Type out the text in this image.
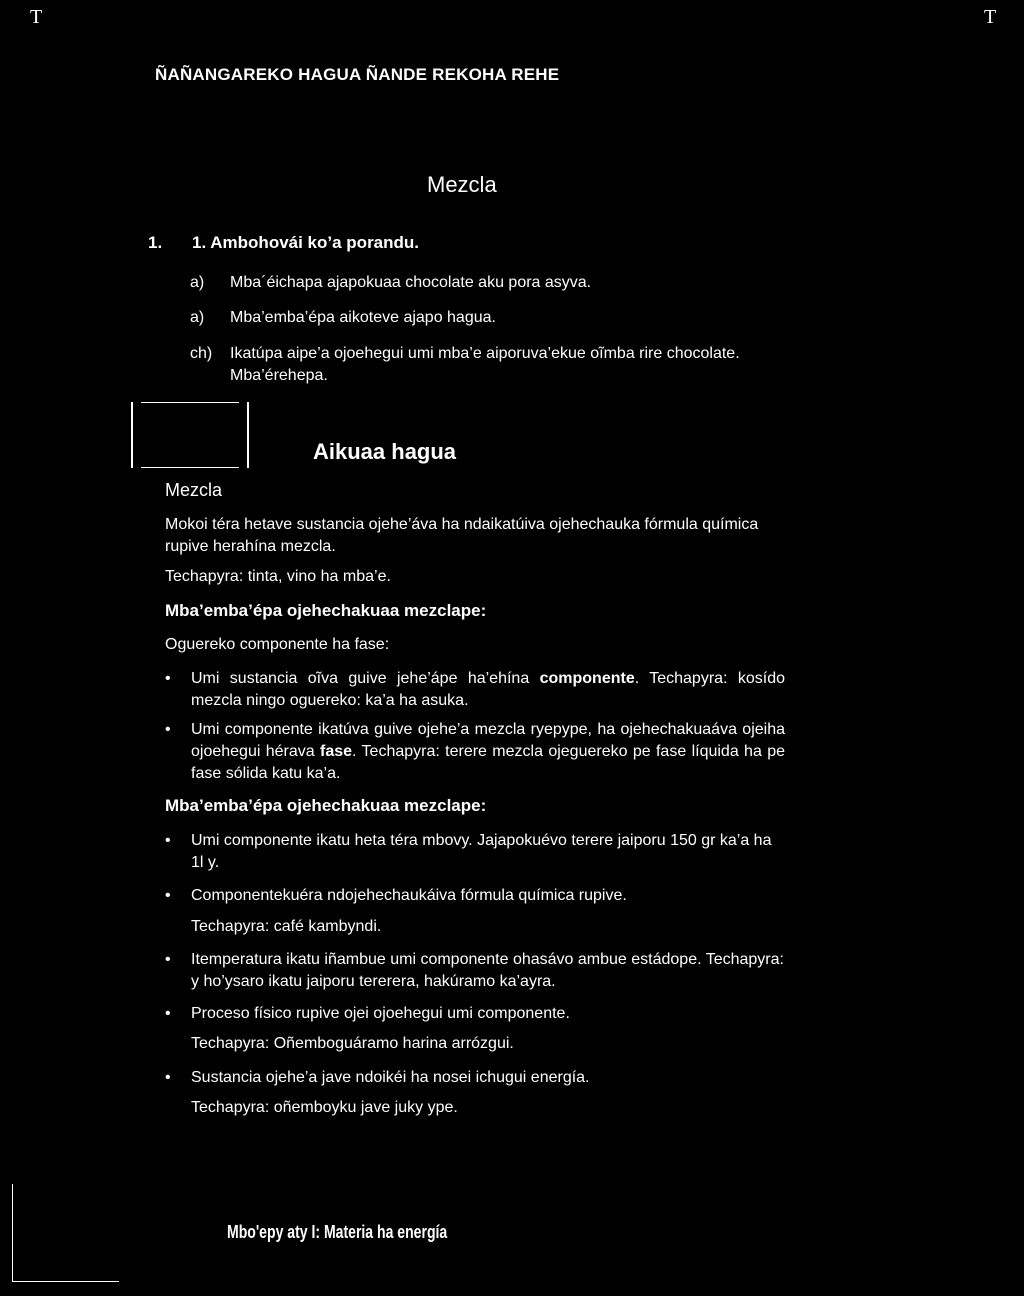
T	T
ÑAÑANGAREKO HAGUA ÑANDE REKOHA REHE
Mezcla
1. 1. Ambohovái ko’a porandu.
a) Mba´éichapa ajapokuaa chocolate aku pora asyva.
a) Mba’emba’épa aikoteve ajapo hagua.
ch) Ikatúpa aipe’a ojoehegui umi mba’e aiporuva’ekue oĩmba rire chocolate. Mba’érehepa.
Aikuaa hagua
Mezcla
Mokoi téra hetave sustancia ojehe’áva ha ndaikatúiva ojehechauka fórmula química rupive herahína mezcla.
Techapyra: tinta, vino ha mba’e.
Mba’emba’épa ojehechakuaa mezclape:
Oguereko componente ha fase:
• Umi sustancia oĩva guive jehe’ápe ha’ehína componente. Techapyra: kosído mezcla ningo oguereko: ka’a ha asuka.
• Umi componente ikatúva guive ojehe’a mezcla ryepype, ha ojehechakuaáva ojeiha ojoehegui hérava fase. Techapyra: terere mezcla ojeguereko pe fase líquida ha pe fase sólida katu ka’a.
Mba’emba’épa ojehechakuaa mezclape:
• Umi componente ikatu heta téra mbovy. Jajapokuévo terere jaiporu 150 gr ka’a ha 1l y.
• Componentekuéra ndojehechaukáiva fórmula química rupive.
Techapyra: café kambyndi.
• Itemperatura ikatu iñambue umi componente ohasávo ambue estádope. Techapyra: y ho’ysaro ikatu jaiporu tererera, hakúramo ka’ayra.
• Proceso físico rupive ojei ojoehegui umi componente.
Techapyra: Oñemboguáramo harina arrózgui.
• Sustancia ojehe’a jave ndoikéi ha nosei ichugui energía.
Techapyra: oñemboyku jave juky ype.
Mbo'epy aty I: Materia ha energía
